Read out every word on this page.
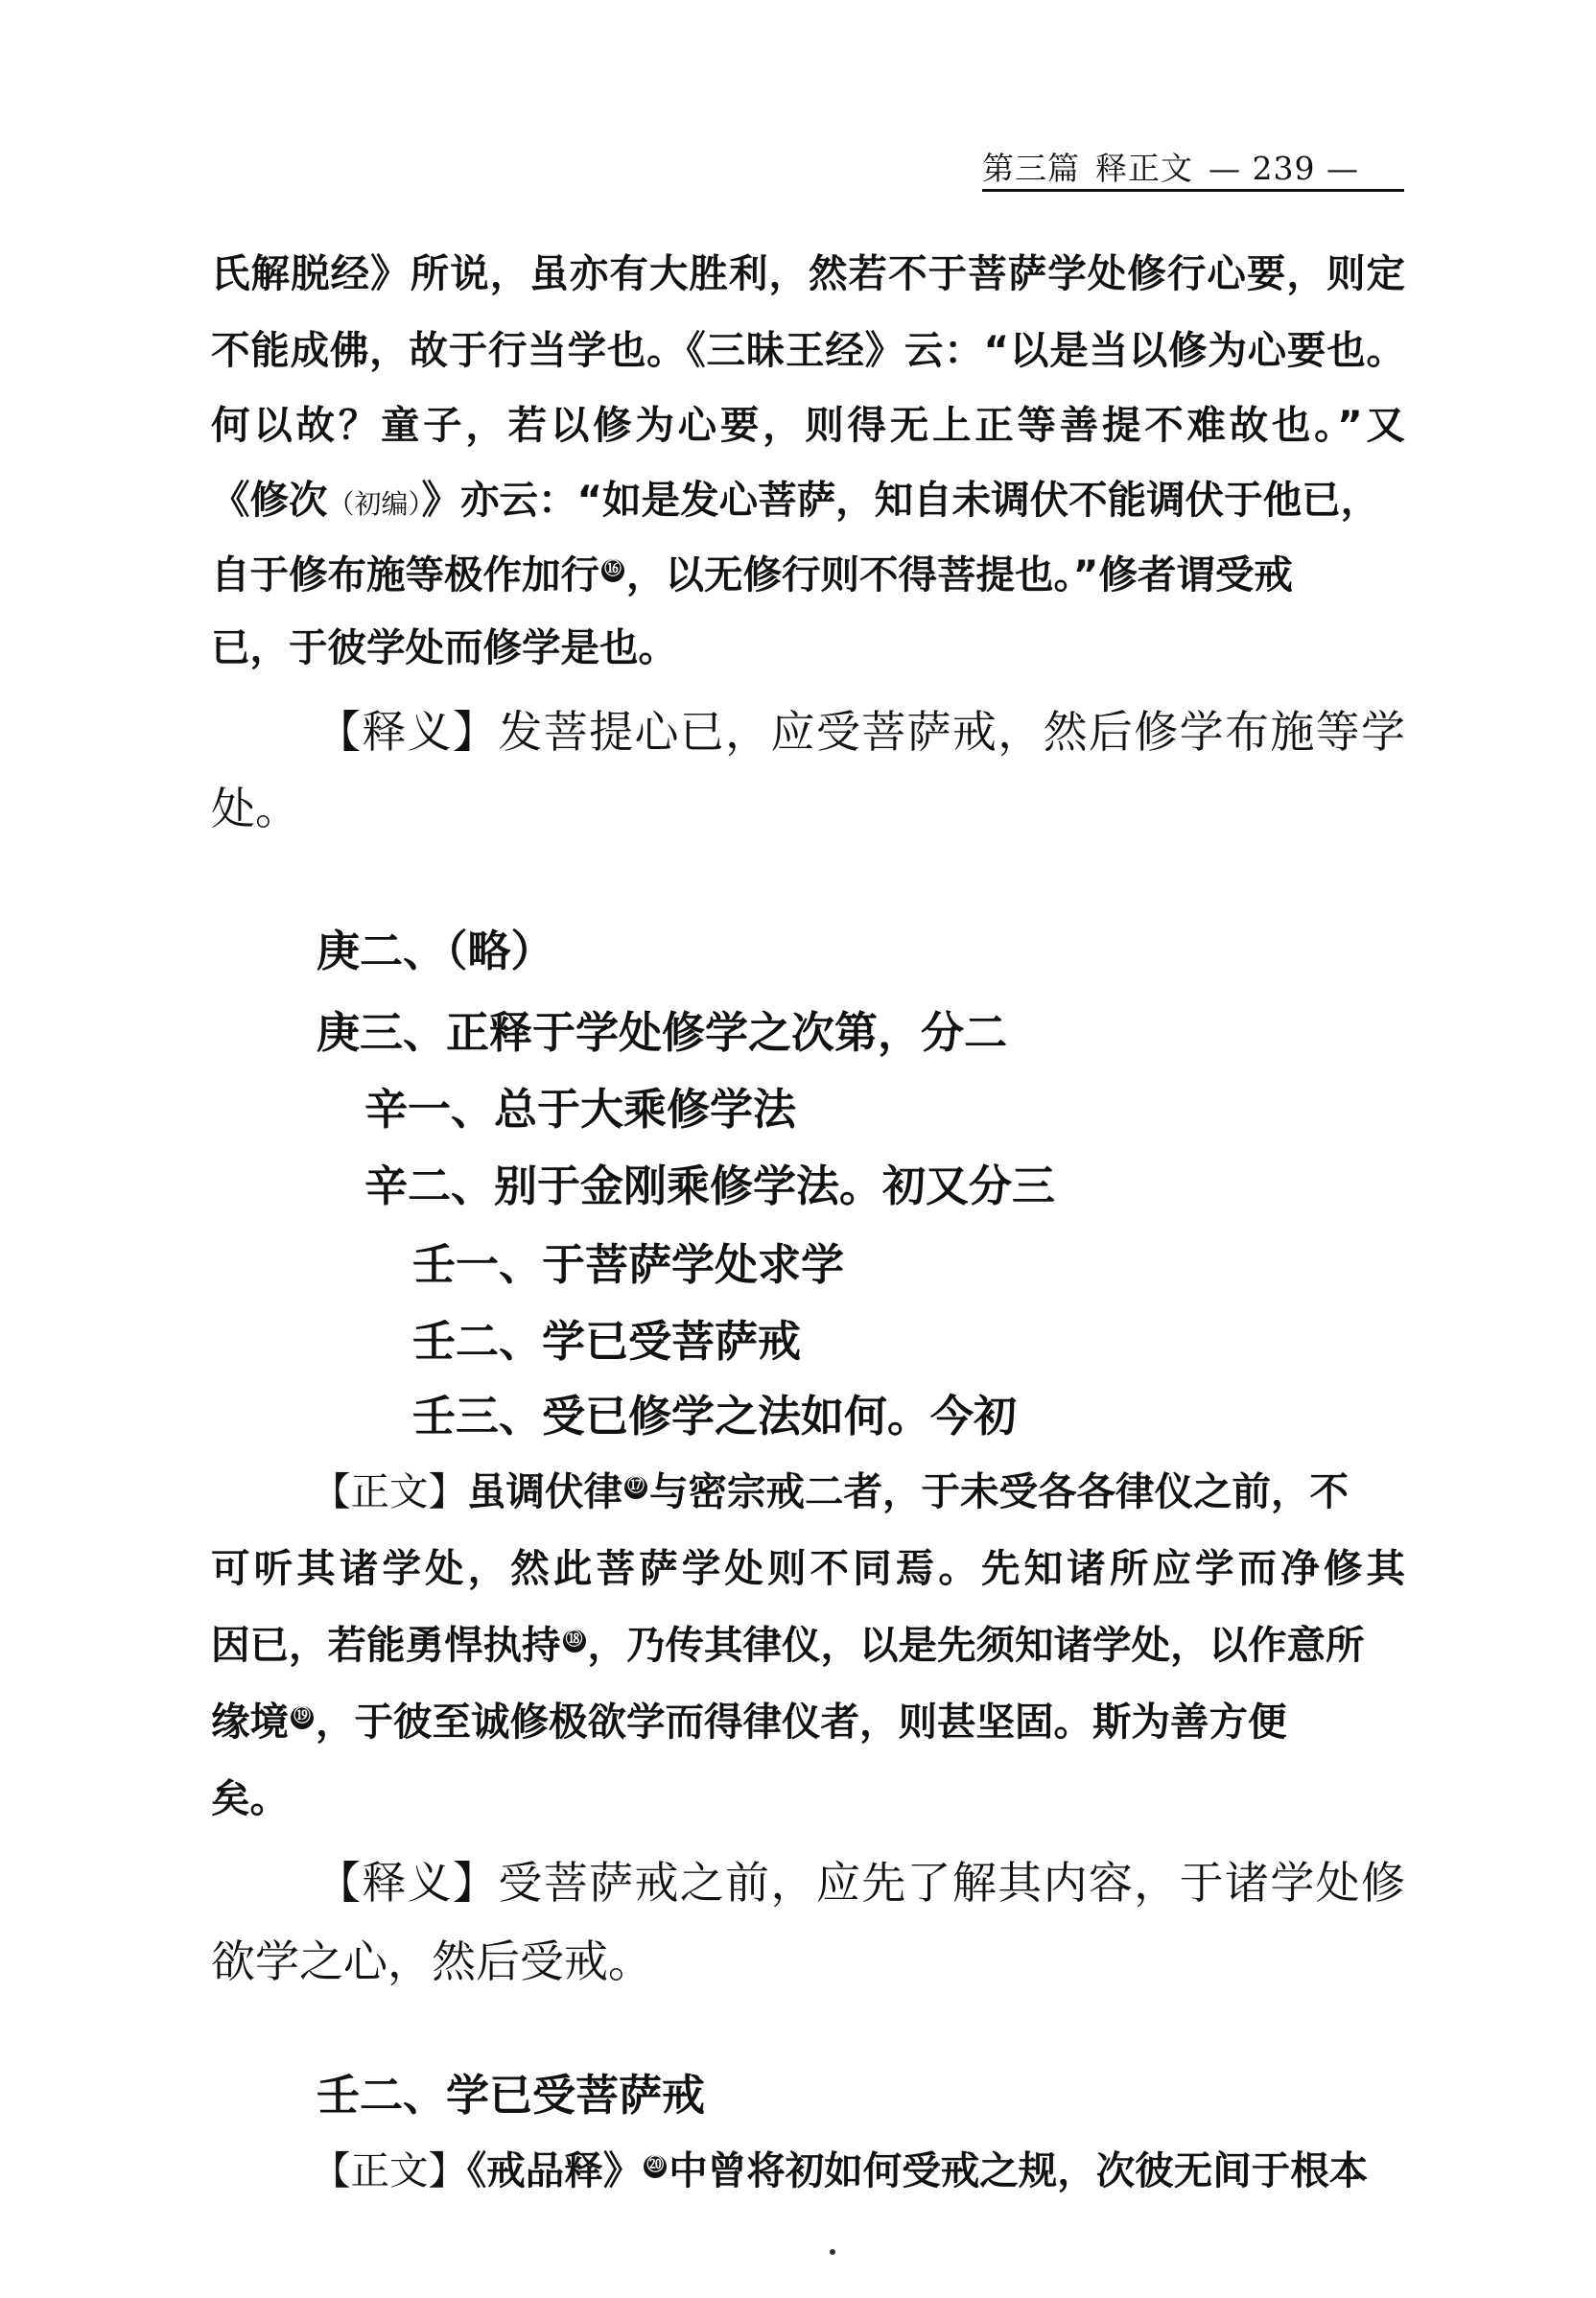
第三篇 释正文 — 239 —
氏解脱经》所说，虽亦有大胜利，然若不于菩萨学处修行心要，则定
不能成佛，故于行当学也。《三昧王经》云：“以是当以修为心要也。
何以故？童子，若以修为心要，则得无上正等善提不难故也。”又
《修次（初编）》亦云：“如是发心菩萨，知自未调伏不能调伏于他已，
自于修布施等极作加行 ⑯ ，以无修行则不得菩提也。”修者谓受戒
已，于彼学处而修学是也。
【释义】发菩提心已，应受菩萨戒，然后修学布施等学
处。
庚二、（略）
庚三、正释于学处修学之次第，分二
辛一、总于大乘修学法
辛二、别于金刚乘修学法。初又分三
壬一、于菩萨学处求学
壬二、学已受菩萨戒
壬三、受已修学之法如何。今初
【正文】虽调伏律 ⑰ 与密宗戒二者，于未受各各律仪之前，不
可听其诸学处，然此菩萨学处则不同焉。先知诸所应学而净修其
因已，若能勇悍执持 ⑱ ，乃传其律仪，以是先须知诸学处，以作意所
缘境 ⑲ ，于彼至诚修极欲学而得律仪者，则甚坚固。斯为善方便
矣。
【释义】受菩萨戒之前，应先了解其内容，于诸学处修
欲学之心，然后受戒。
壬二、学已受菩萨戒
【正文】《戒品释》 ⑳ 中曾将初如何受戒之规，次彼无间于根本
